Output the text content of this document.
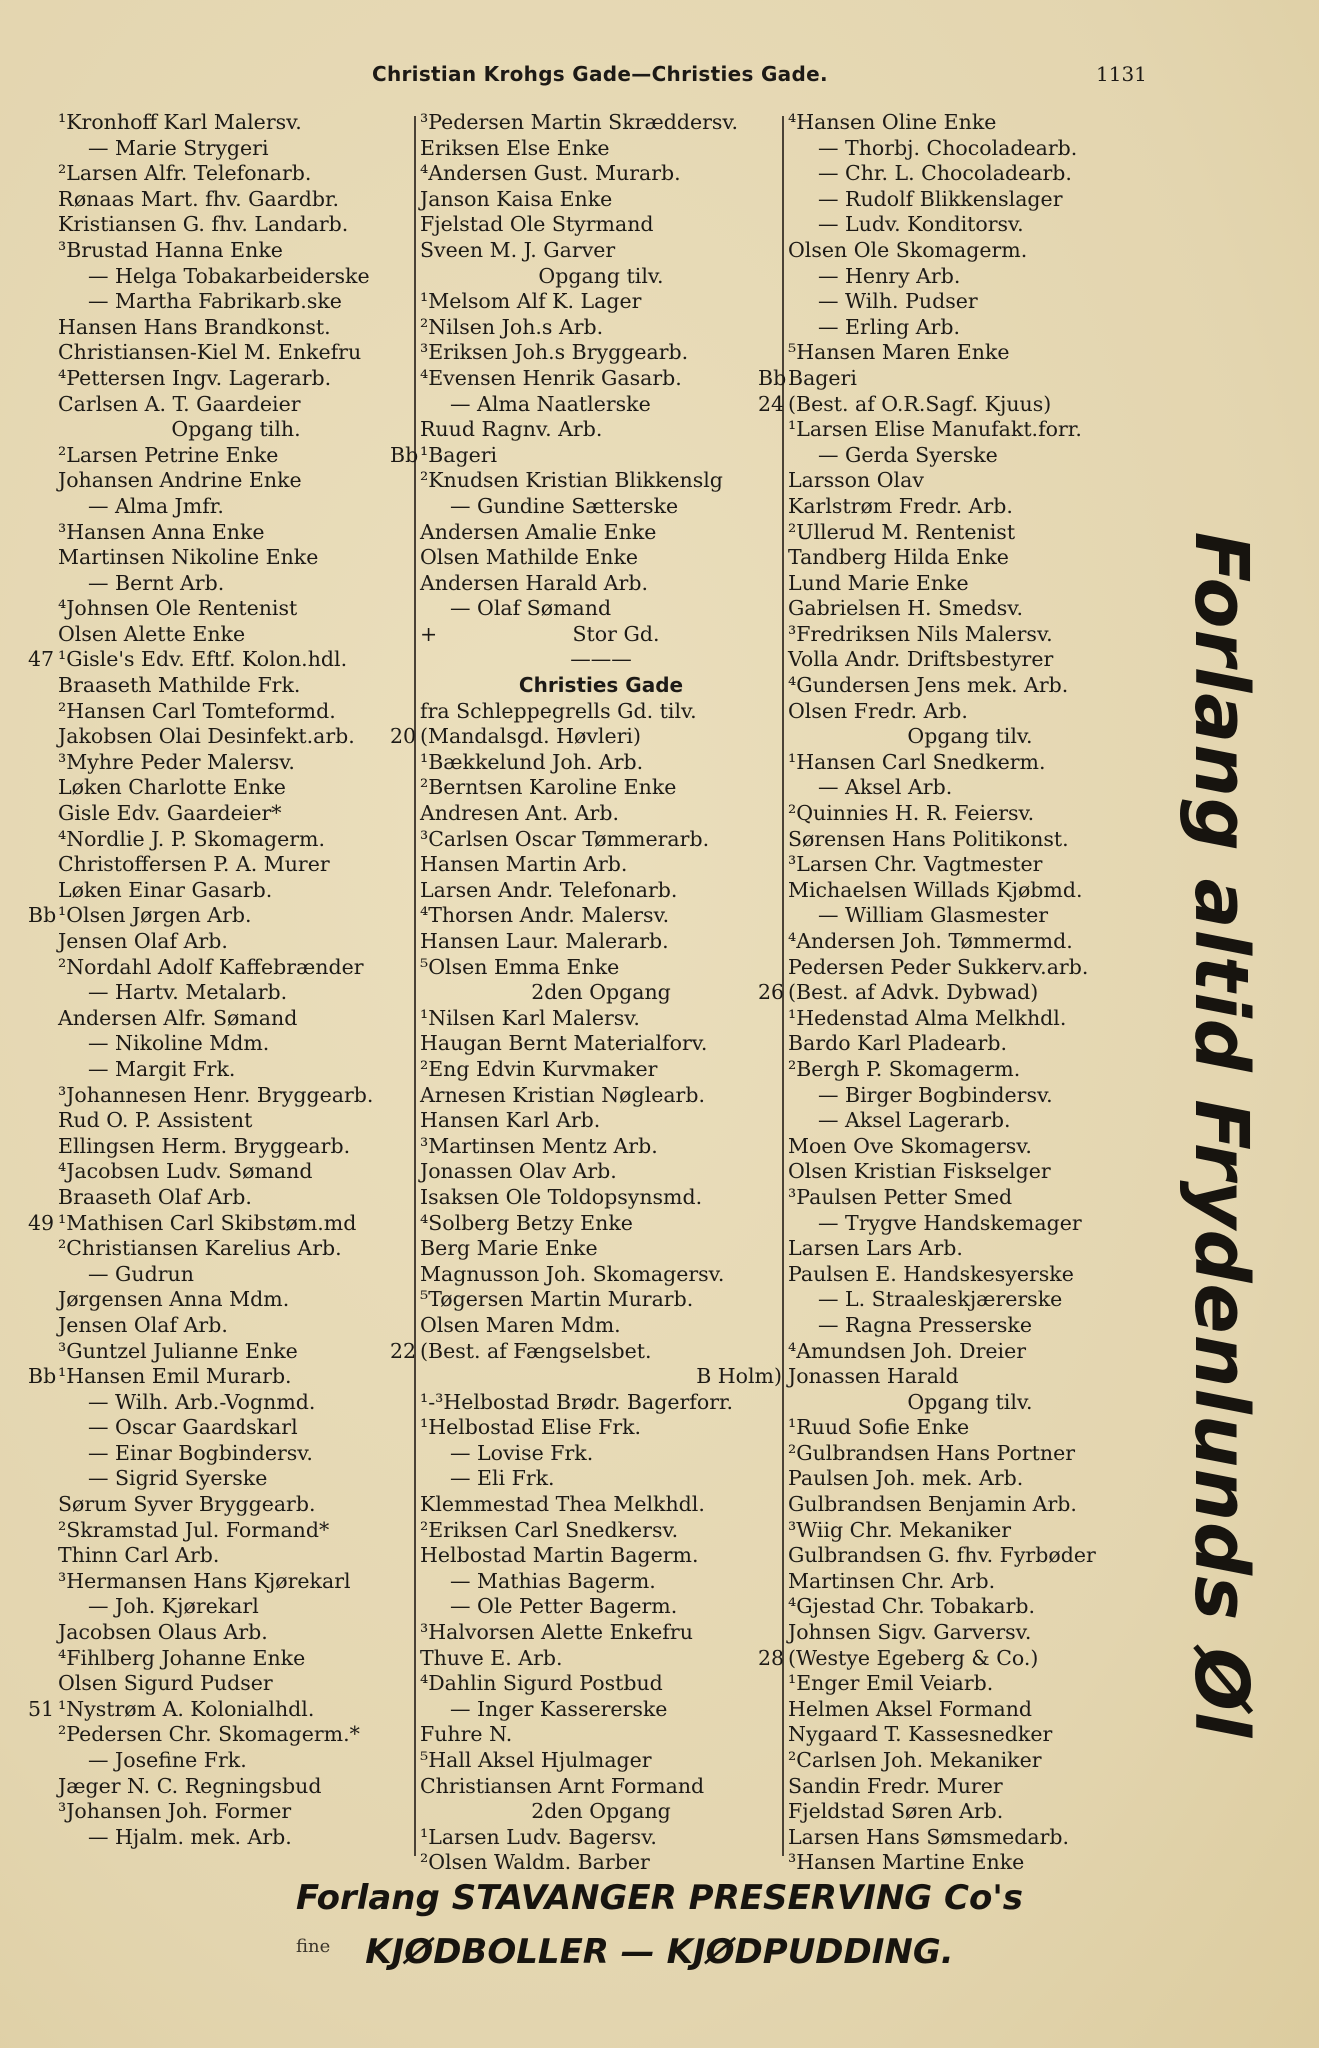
Christian Krohgs Gade—Christies Gade.	1131
¹Kronhoff Karl Malersv.
— Marie Strygeri
²Larsen Alfr. Telefonarb.
Rønaas Mart. fhv. Gaardbr.
Kristiansen G. fhv. Landarb.
³Brustad Hanna Enke
— Helga Tobakarbeiderske
— Martha Fabrikarb.ske
Hansen Hans Brandkonst.
Christiansen-Kiel M. Enkefru
⁴Pettersen Ingv. Lagerarb.
Carlsen A. T. Gaardeier
Opgang tilh.
²Larsen Petrine Enke
Johansen Andrine Enke
— Alma Jmfr.
³Hansen Anna Enke
Martinsen Nikoline Enke
— Bernt Arb.
⁴Johnsen Ole Rentenist
Olsen Alette Enke
47 ¹Gisle's Edv. Eftf. Kolon.hdl.
Braaseth Mathilde Frk.
²Hansen Carl Tomteformd.
Jakobsen Olai Desinfekt.arb.
³Myhre Peder Malersv.
Løken Charlotte Enke
Gisle Edv. Gaardeier*
⁴Nordlie J. P. Skomagerm.
Christoffersen P. A. Murer
Løken Einar Gasarb.
Bb¹Olsen Jørgen Arb.
Jensen Olaf Arb.
²Nordahl Adolf Kaffebrænder
— Hartv. Metalarb.
Andersen Alfr. Sømand
— Nikoline Mdm.
— Margit Frk.
³Johannesen Henr. Bryggearb.
Rud O. P. Assistent
Ellingsen Herm. Bryggearb.
⁴Jacobsen Ludv. Sømand
Braaseth Olaf Arb.
49 ¹Mathisen Carl Skibstøm.md
²Christiansen Karelius Arb.
— Gudrun
Jørgensen Anna Mdm.
Jensen Olaf Arb.
³Guntzel Julianne Enke
Bb¹Hansen Emil Murarb.
— Wilh. Arb.-Vognmd.
— Oscar Gaardskarl
— Einar Bogbindersv.
— Sigrid Syerske
Sørum Syver Bryggearb.
²Skramstad Jul. Formand*
Thinn Carl Arb.
³Hermansen Hans Kjørekarl
— Joh. Kjørekarl
Jacobsen Olaus Arb.
⁴Fihlberg Johanne Enke
Olsen Sigurd Pudser
51 ¹Nystrøm A. Kolonialhdl.
²Pedersen Chr. Skomagerm.*
— Josefine Frk.
Jæger N. C. Regningsbud
³Johansen Joh. Former
— Hjalm. mek. Arb.
³Pedersen Martin Skræddersv.
Eriksen Else Enke
⁴Andersen Gust. Murarb.
Janson Kaisa Enke
Fjelstad Ole Styrmand
Sveen M. J. Garver
Opgang tilv.
¹Melsom Alf K. Lager
²Nilsen Joh.s Arb.
³Eriksen Joh.s Bryggearb.
⁴Evensen Henrik Gasarb.
— Alma Naatlerske
Ruud Ragnv. Arb.
Bb¹Bageri
²Knudsen Kristian Blikkenslg
— Gundine Sætterske
Andersen Amalie Enke
Olsen Mathilde Enke
Andersen Harald Arb.
— Olaf Sømand
+	Stor Gd.
———
Christies Gade
fra Schleppegrells Gd. tilv.
20 (Mandalsgd. Høvleri)
¹Bækkelund Joh. Arb.
²Berntsen Karoline Enke
Andresen Ant. Arb.
³Carlsen Oscar Tømmerarb.
Hansen Martin Arb.
Larsen Andr. Telefonarb.
⁴Thorsen Andr. Malersv.
Hansen Laur. Malerarb.
⁵Olsen Emma Enke
2den Opgang
¹Nilsen Karl Malersv.
Haugan Bernt Materialforv.
²Eng Edvin Kurvmaker
Arnesen Kristian Nøglearb.
Hansen Karl Arb.
³Martinsen Mentz Arb.
Jonassen Olav Arb.
Isaksen Ole Toldopsynsmd.
⁴Solberg Betzy Enke
Berg Marie Enke
Magnusson Joh. Skomagersv.
⁵Tøgersen Martin Murarb.
Olsen Maren Mdm.
22 (Best. af Fængselsbet.
B Holm)
¹-³Helbostad Brødr. Bagerforr.
¹Helbostad Elise Frk.
— Lovise Frk.
— Eli Frk.
Klemmestad Thea Melkhdl.
²Eriksen Carl Snedkersv.
Helbostad Martin Bagerm.
— Mathias Bagerm.
— Ole Petter Bagerm.
³Halvorsen Alette Enkefru
Thuve E. Arb.
⁴Dahlin Sigurd Postbud
— Inger Kassererske
Fuhre N.
⁵Hall Aksel Hjulmager
Christiansen Arnt Formand
2den Opgang
¹Larsen Ludv. Bagersv.
²Olsen Waldm. Barber
⁴Hansen Oline Enke
— Thorbj. Chocoladearb.
— Chr. L. Chocoladearb.
— Rudolf Blikkenslager
— Ludv. Konditorsv.
Olsen Ole Skomagerm.
— Henry Arb.
— Wilh. Pudser
— Erling Arb.
⁵Hansen Maren Enke
BbBageri
24 (Best. af O.R.Sagf. Kjuus)
¹Larsen Elise Manufakt.forr.
— Gerda Syerske
Larsson Olav
Karlstrøm Fredr. Arb.
²Ullerud M. Rentenist
Tandberg Hilda Enke
Lund Marie Enke
Gabrielsen H. Smedsv.
³Fredriksen Nils Malersv.
Volla Andr. Driftsbestyrer
⁴Gundersen Jens mek. Arb.
Olsen Fredr. Arb.
Opgang tilv.
¹Hansen Carl Snedkerm.
— Aksel Arb.
²Quinnies H. R. Feiersv.
Sørensen Hans Politikonst.
³Larsen Chr. Vagtmester
Michaelsen Willads Kjøbmd.
— William Glasmester
⁴Andersen Joh. Tømmermd.
Pedersen Peder Sukkerv.arb.
26 (Best. af Advk. Dybwad)
¹Hedenstad Alma Melkhdl.
Bardo Karl Pladearb.
²Bergh P. Skomagerm.
— Birger Bogbindersv.
— Aksel Lagerarb.
Moen Ove Skomagersv.
Olsen Kristian Fiskselger
³Paulsen Petter Smed
— Trygve Handskemager
Larsen Lars Arb.
Paulsen E. Handskesyerske
— L. Straaleskjærerske
— Ragna Presserske
⁴Amundsen Joh. Dreier
Jonassen Harald
Opgang tilv.
¹Ruud Sofie Enke
²Gulbrandsen Hans Portner
Paulsen Joh. mek. Arb.
Gulbrandsen Benjamin Arb.
³Wiig Chr. Mekaniker
Gulbrandsen G. fhv. Fyrbøder
Martinsen Chr. Arb.
⁴Gjestad Chr. Tobakarb.
Johnsen Sigv. Garversv.
28 (Westye Egeberg & Co.)
¹Enger Emil Veiarb.
Helmen Aksel Formand
Nygaard T. Kassesnedker
²Carlsen Joh. Mekaniker
Sandin Fredr. Murer
Fjeldstad Søren Arb.
Larsen Hans Sømsmedarb.
³Hansen Martine Enke
Forlang altid Frydenlunds Øl
Forlang STAVANGER PRESERVING Co's
fine	KJØDBOLLER — KJØDPUDDING.
